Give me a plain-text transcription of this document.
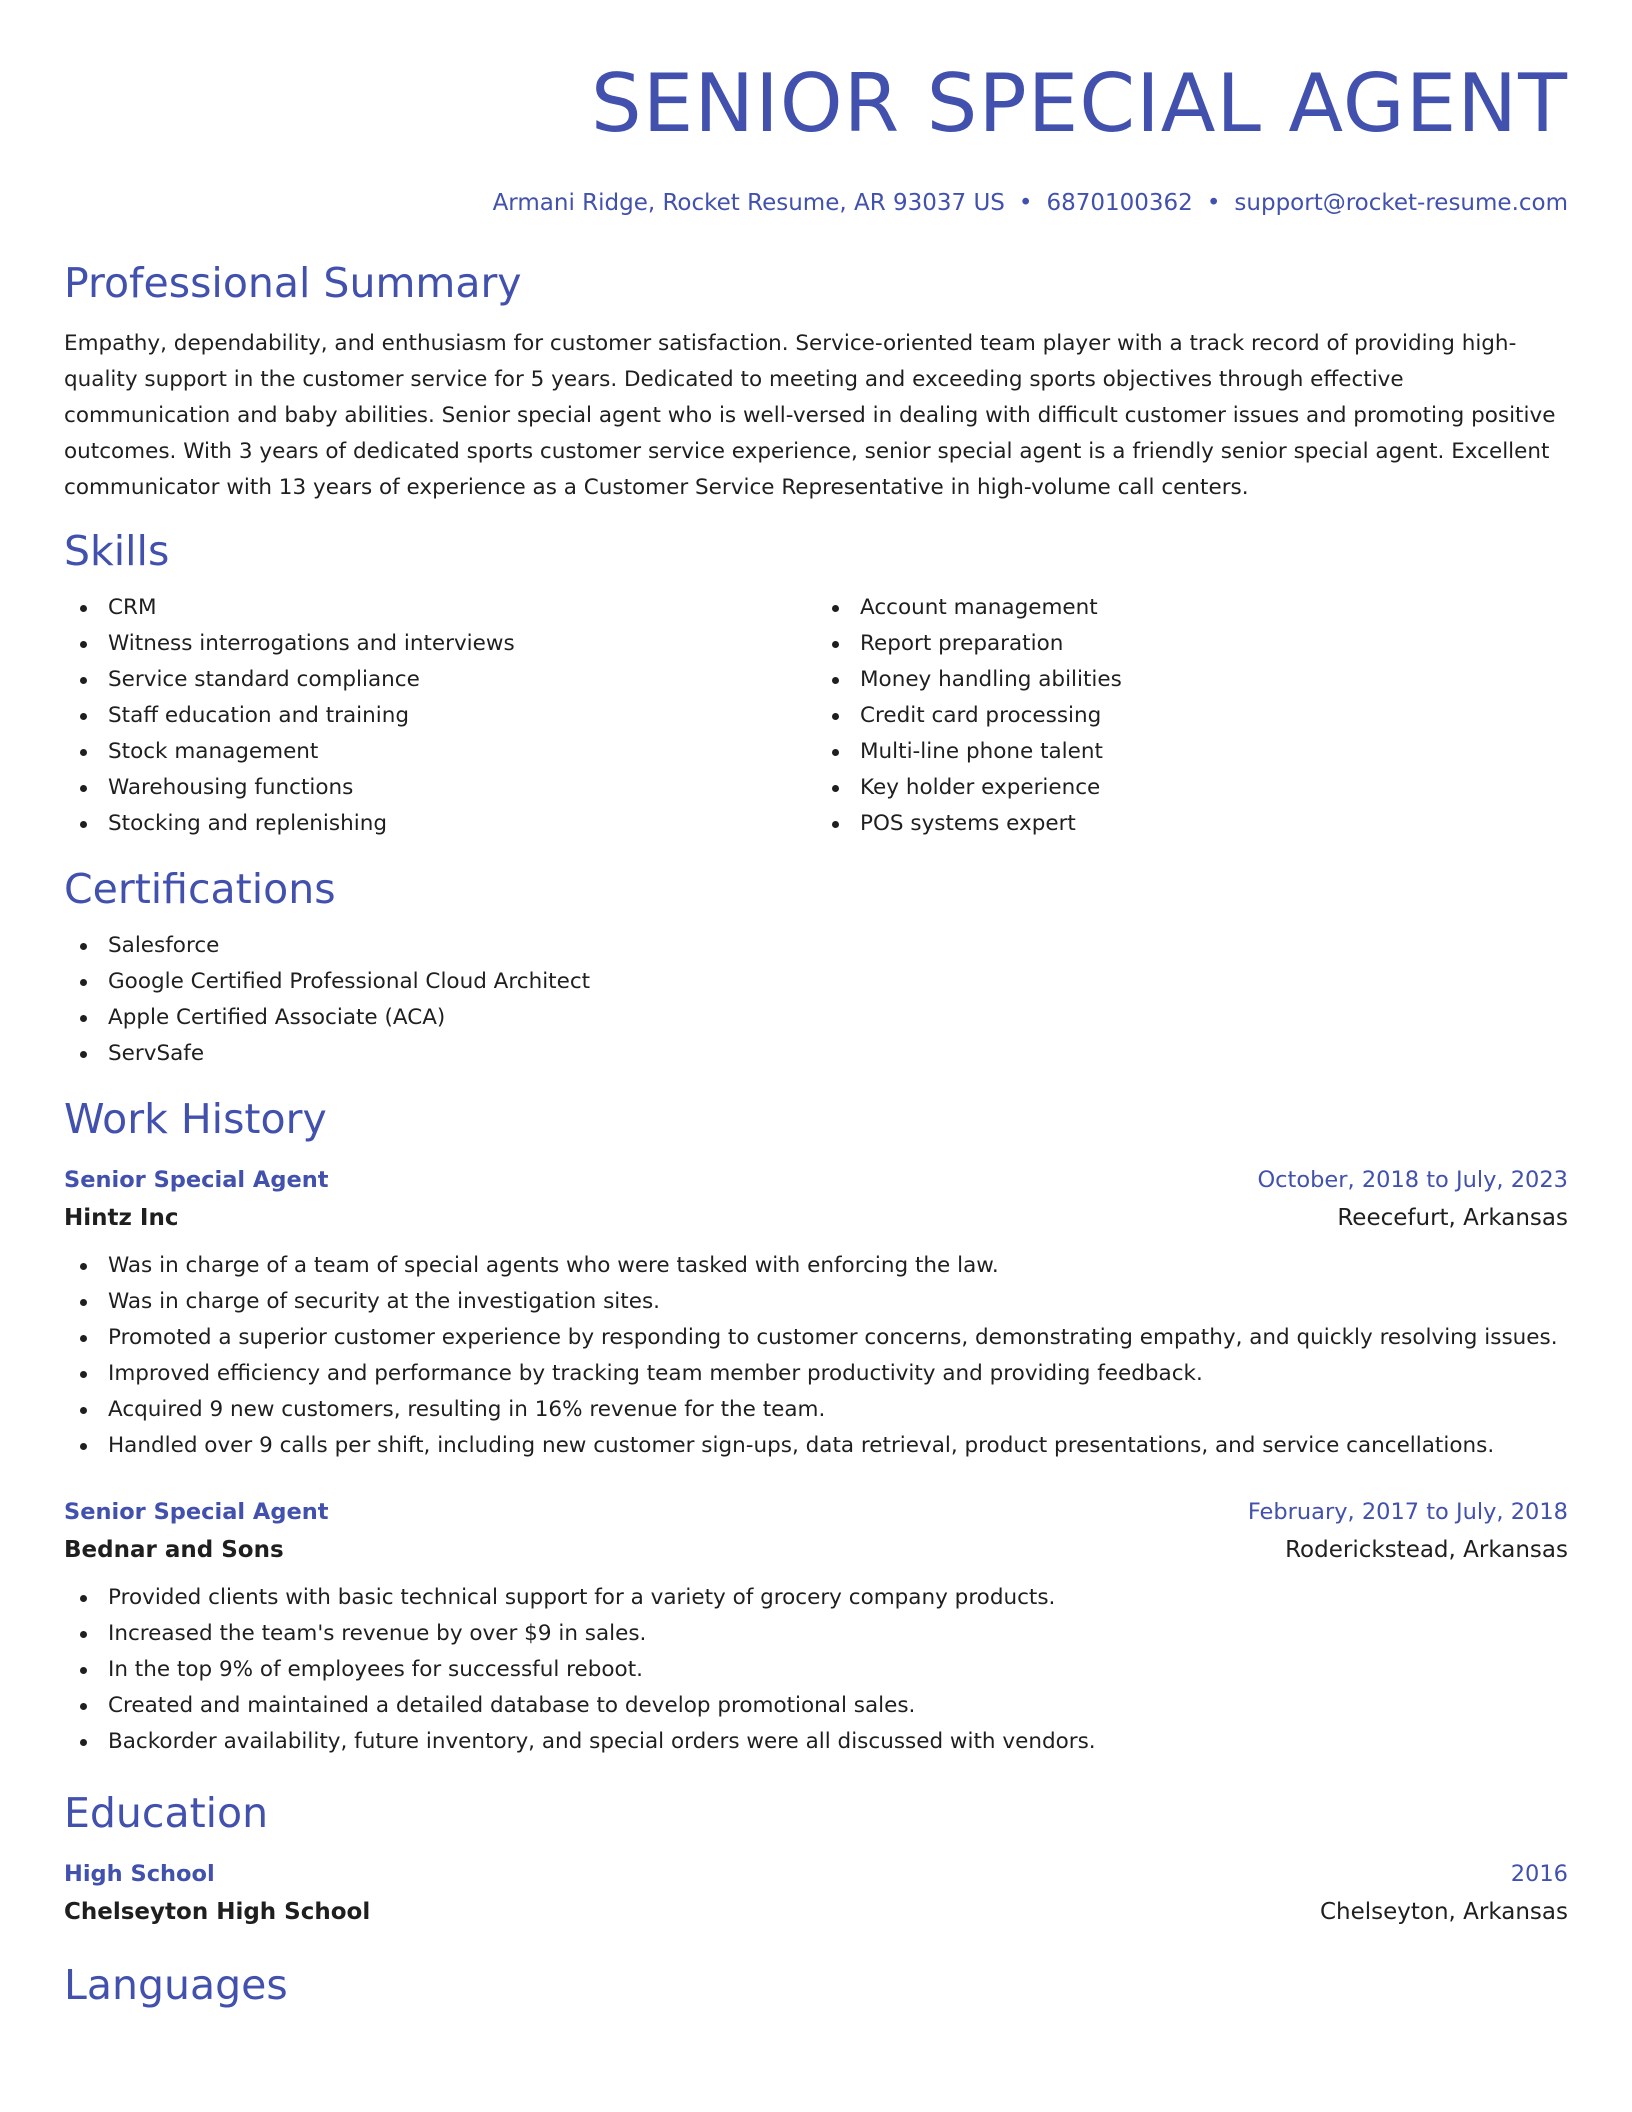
SENIOR SPECIAL AGENT
Armani Ridge, Rocket Resume, AR 93037 US • 6870100362 • support@rocket-resume.com
Professional Summary

Empathy, dependability, and enthusiasm for customer satisfaction. Service-oriented team player with a track record of providing high-quality support in the customer service for 5 years. Dedicated to meeting and exceeding sports objectives through effective communication and baby abilities. Senior special agent who is well-versed in dealing with difficult customer issues and promoting positive outcomes. With 3 years of dedicated sports customer service experience, senior special agent is a friendly senior special agent. Excellent communicator with 13 years of experience as a Customer Service Representative in high-volume call centers.

Skills
CRM
Witness interrogations and interviews
Service standard compliance
Staff education and training
Stock management
Warehousing functions
Stocking and replenishing
Account management
Report preparation
Money handling abilities
Credit card processing
Multi-line phone talent
Key holder experience
POS systems expert
Certifications
Salesforce
Google Certified Professional Cloud Architect
Apple Certified Associate (ACA)
ServSafe
Work History
Senior Special Agent	October, 2018 to July, 2023
Hintz Inc	Reecefurt, Arkansas
Was in charge of a team of special agents who were tasked with enforcing the law.
Was in charge of security at the investigation sites.
Promoted a superior customer experience by responding to customer concerns, demonstrating empathy, and quickly resolving issues.
Improved efficiency and performance by tracking team member productivity and providing feedback.
Acquired 9 new customers, resulting in 16% revenue for the team.
Handled over 9 calls per shift, including new customer sign-ups, data retrieval, product presentations, and service cancellations.
Senior Special Agent	February, 2017 to July, 2018
Bednar and Sons	Roderickstead, Arkansas
Provided clients with basic technical support for a variety of grocery company products.
Increased the team's revenue by over $9 in sales.
In the top 9% of employees for successful reboot.
Created and maintained a detailed database to develop promotional sales.
Backorder availability, future inventory, and special orders were all discussed with vendors.
Education
High School	2016
Chelseyton High School	Chelseyton, Arkansas
Languages
